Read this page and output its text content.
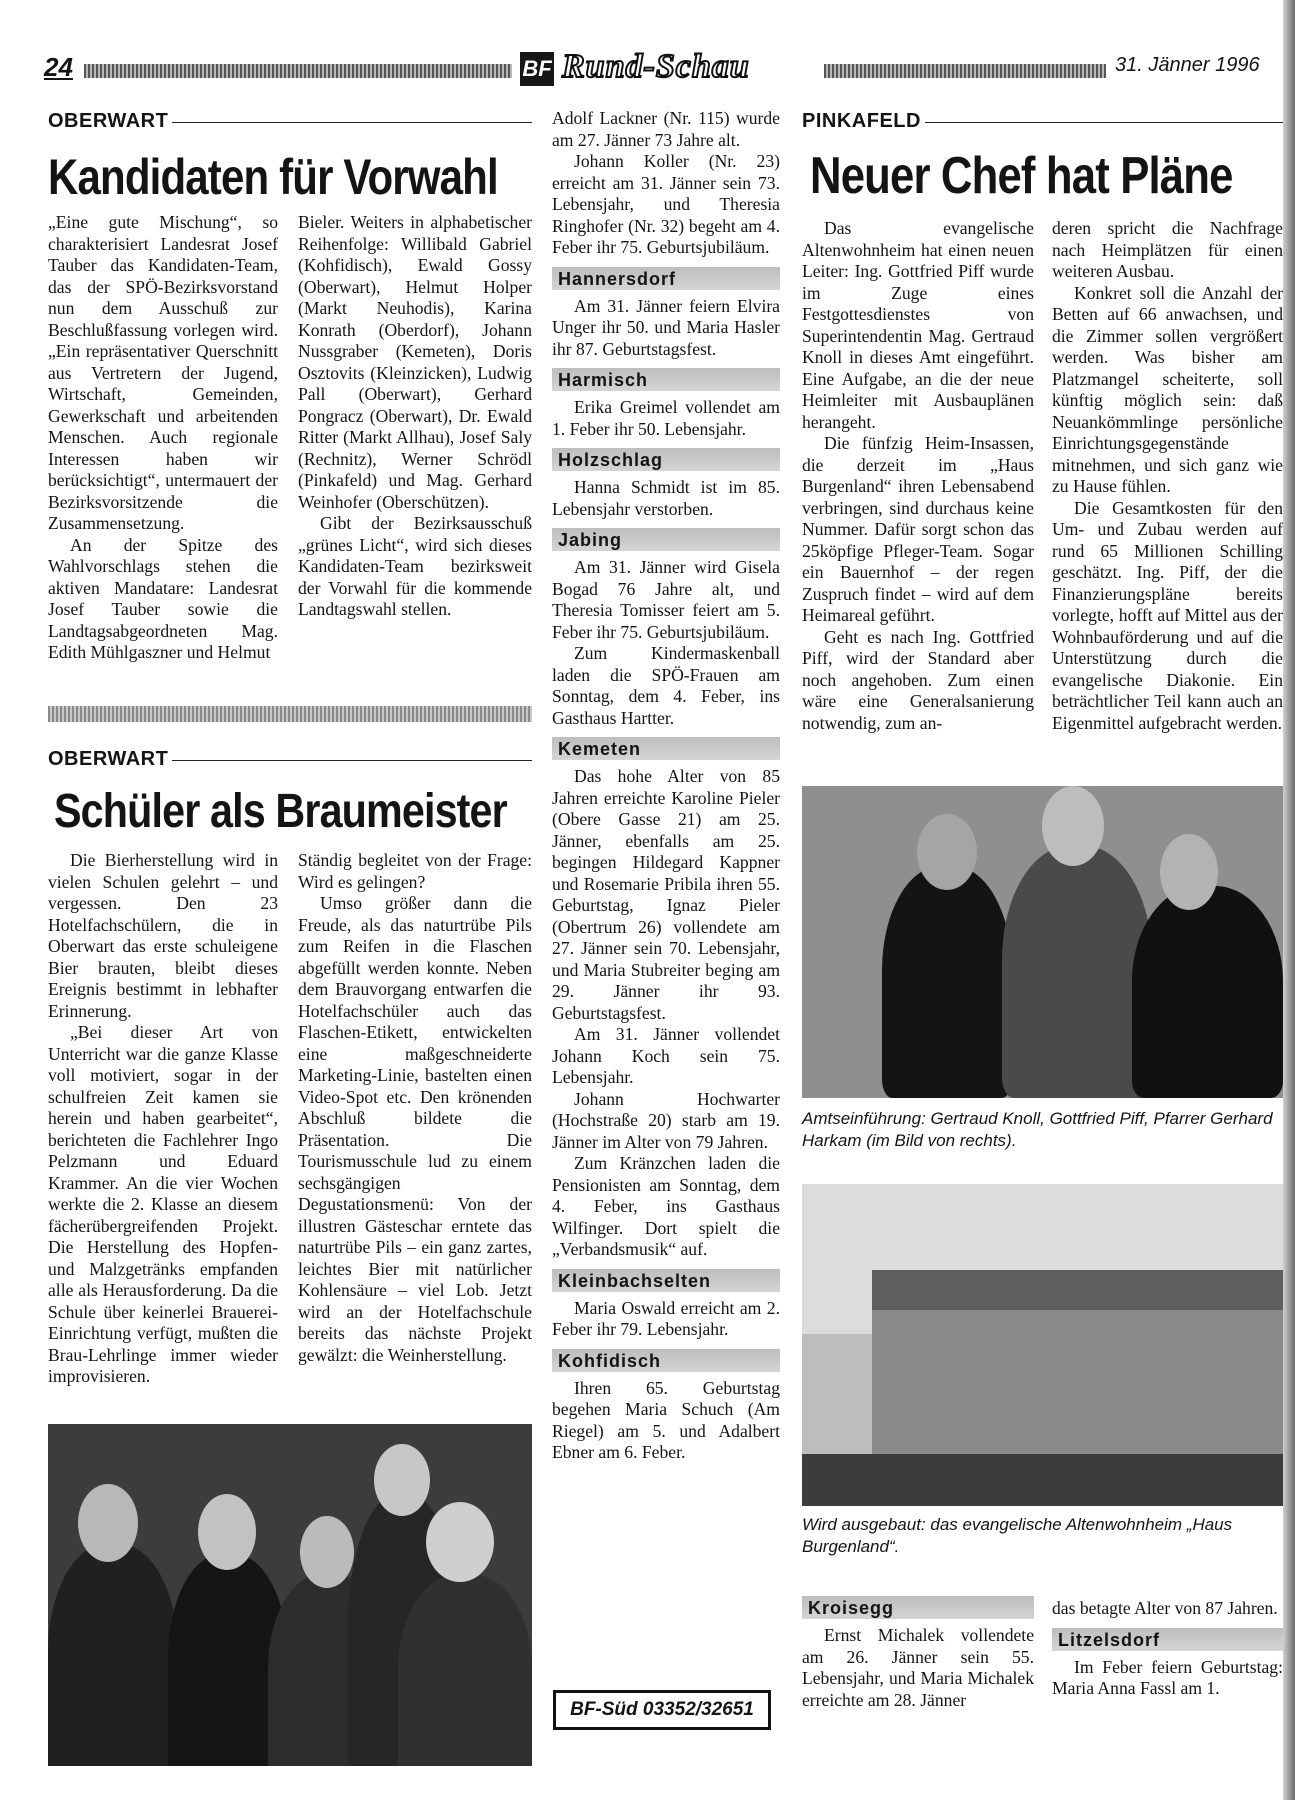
24	BF Rund-Schau	31. Jänner 1996
OBERWART
Kandidaten für Vorwahl

„Eine gute Mischung“, so charakterisiert Landesrat Josef Tauber das Kandidaten-Team, das der SPÖ-Bezirksvorstand nun dem Ausschuß zur Beschlußfassung vorlegen wird. „Ein repräsentativer Querschnitt aus Vertretern der Jugend, Wirtschaft, Gemeinden, Gewerkschaft und arbeitenden Menschen. Auch regionale Interessen haben wir berücksichtigt“, untermauert der Bezirksvorsitzende die Zusammensetzung.

An der Spitze des Wahlvorschlags stehen die aktiven Mandatare: Landesrat Josef Tauber sowie die Landtagsabgeordneten Mag. Edith Mühlgaszner und Helmut

Bieler. Weiters in alphabetischer Reihenfolge: Willibald Gabriel (Kohfidisch), Ewald Gossy (Oberwart), Helmut Holper (Markt Neuhodis), Karina Konrath (Oberdorf), Johann Nussgraber (Kemeten), Doris Osztovits (Kleinzicken), Ludwig Pall (Oberwart), Gerhard Pongracz (Oberwart), Dr. Ewald Ritter (Markt Allhau), Josef Saly (Rechnitz), Werner Schrödl (Pinkafeld) und Mag. Gerhard Weinhofer (Oberschützen).

Gibt der Bezirksausschuß „grünes Licht“, wird sich dieses Kandidaten-Team bezirksweit der Vorwahl für die kommende Landtagswahl stellen.

OBERWART
Schüler als Braumeister

Die Bierherstellung wird in vielen Schulen gelehrt – und vergessen. Den 23 Hotelfachschülern, die in Oberwart das erste schuleigene Bier brauten, bleibt dieses Ereignis bestimmt in lebhafter Erinnerung.

„Bei dieser Art von Unterricht war die ganze Klasse voll motiviert, sogar in der schulfreien Zeit kamen sie herein und haben gearbeitet“, berichteten die Fachlehrer Ingo Pelzmann und Eduard Krammer. An die vier Wochen werkte die 2. Klasse an diesem fächerübergreifenden Projekt. Die Herstellung des Hopfen- und Malzgetränks empfanden alle als Herausforderung. Da die Schule über keinerlei Brauerei-Einrichtung verfügt, mußten die Brau-Lehrlinge immer wieder improvisieren.

Ständig begleitet von der Frage: Wird es gelingen?

Umso größer dann die Freude, als das naturtrübe Pils zum Reifen in die Flaschen abgefüllt werden konnte. Neben dem Brauvorgang entwarfen die Hotelfachschüler auch das Flaschen-Etikett, entwickelten eine maßgeschneiderte Marketing-Linie, bastelten einen Video-Spot etc. Den krönenden Abschluß bildete die Präsentation. Die Tourismusschule lud zu einem sechsgängigen Degustationsmenü: Von der illustren Gästeschar erntete das naturtrübe Pils – ein ganz zartes, leichtes Bier mit natürlicher Kohlensäure – viel Lob. Jetzt wird an der Hotelfachschule bereits das nächste Projekt gewälzt: die Weinherstellung.

Adolf Lackner (Nr. 115) wurde am 27. Jänner 73 Jahre alt.

Johann Koller (Nr. 23) erreicht am 31. Jänner sein 73. Lebensjahr, und Theresia Ringhofer (Nr. 32) begeht am 4. Feber ihr 75. Geburtsjubiläum.

Hannersdorf

Am 31. Jänner feiern Elvira Unger ihr 50. und Maria Hasler ihr 87. Geburtstagsfest.

Harmisch

Erika Greimel vollendet am 1. Feber ihr 50. Lebensjahr.

Holzschlag

Hanna Schmidt ist im 85. Lebensjahr verstorben.

Jabing

Am 31. Jänner wird Gisela Bogad 76 Jahre alt, und Theresia Tomisser feiert am 5. Feber ihr 75. Geburtsjubiläum.

Zum Kindermaskenball laden die SPÖ-Frauen am Sonntag, dem 4. Feber, ins Gasthaus Hartter.

Kemeten

Das hohe Alter von 85 Jahren erreichte Karoline Pieler (Obere Gasse 21) am 25. Jänner, ebenfalls am 25. begingen Hildegard Kappner und Rosemarie Pribila ihren 55. Geburtstag, Ignaz Pieler (Obertrum 26) vollendete am 27. Jänner sein 70. Lebensjahr, und Maria Stubreiter beging am 29. Jänner ihr 93. Geburtstagsfest.

Am 31. Jänner vollendet Johann Koch sein 75. Lebensjahr.

Johann Hochwarter (Hochstraße 20) starb am 19. Jänner im Alter von 79 Jahren.

Zum Kränzchen laden die Pensionisten am Sonntag, dem 4. Feber, ins Gasthaus Wilfinger. Dort spielt die „Verbandsmusik“ auf.

Kleinbachselten

Maria Oswald erreicht am 2. Feber ihr 79. Lebensjahr.

Kohfidisch

Ihren 65. Geburtstag begehen Maria Schuch (Am Riegel) am 5. und Adalbert Ebner am 6. Feber.

BF-Süd 03352/32651
PINKAFELD
Neuer Chef hat Pläne

Das evangelische Altenwohnheim hat einen neuen Leiter: Ing. Gottfried Piff wurde im Zuge eines Festgottesdienstes von Superintendentin Mag. Gertraud Knoll in dieses Amt eingeführt. Eine Aufgabe, an die der neue Heimleiter mit Ausbauplänen herangeht.

Die fünfzig Heim-Insassen, die derzeit im „Haus Burgenland“ ihren Lebensabend verbringen, sind durchaus keine Nummer. Dafür sorgt schon das 25köpfige Pfleger-Team. Sogar ein Bauernhof – der regen Zuspruch findet – wird auf dem Heimareal geführt.

Geht es nach Ing. Gottfried Piff, wird der Standard aber noch angehoben. Zum einen wäre eine Generalsanierung notwendig, zum an-

deren spricht die Nachfrage nach Heimplätzen für einen weiteren Ausbau.

Konkret soll die Anzahl der Betten auf 66 anwachsen, und die Zimmer sollen vergrößert werden. Was bisher am Platzmangel scheiterte, soll künftig möglich sein: daß Neuankömmlinge persönliche Einrichtungsgegenstände mitnehmen, und sich ganz wie zu Hause fühlen.

Die Gesamtkosten für den Um- und Zubau werden auf rund 65 Millionen Schilling geschätzt. Ing. Piff, der die Finanzierungspläne bereits vorlegte, hofft auf Mittel aus der Wohnbauförderung und auf die Unterstützung durch die evangelische Diakonie. Ein beträchtlicher Teil kann auch an Eigenmittel aufgebracht werden.

Amtseinführung: Gertraud Knoll, Gottfried Piff, Pfarrer Gerhard Harkam (im Bild von rechts).
Wird ausgebaut: das evangelische Altenwohnheim „Haus Burgenland“.
Kroisegg

Ernst Michalek vollendete am 26. Jänner sein 55. Lebensjahr, und Maria Michalek erreichte am 28. Jänner

das betagte Alter von 87 Jahren.

Litzelsdorf

Im Feber feiern Geburtstag: Maria Anna Fassl am 1.
